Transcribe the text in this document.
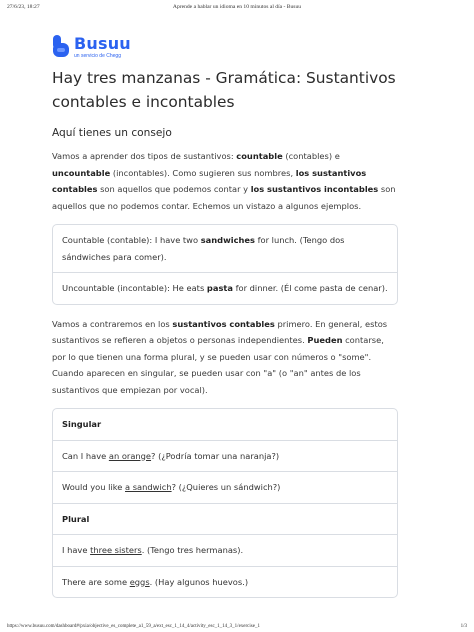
27/6/23, 18:27	Aprende a hablar un idioma en 10 minutos al día - Busuu
Busuu
un servicio de Chegg
Hay tres manzanas - Gramática: Sustantivos contables e incontables
Aquí tienes un consejo

Vamos a aprender dos tipos de sustantivos: countable (contables) e uncountable (incontables). Como sugieren sus nombres, los sustantivos contables son aquellos que podemos contar y los sustantivos incontables son aquellos que no podemos contar. Echemos un vistazo a algunos ejemplos.

Countable (contable): I have two sandwiches for lunch. (Tengo dos sándwiches para comer).
Uncountable (incontable): He eats pasta for dinner. (Él come pasta de cenar).

Vamos a contraremos en los sustantivos contables primero. En general, estos sustantivos se refieren a objetos o personas independientes. Pueden contarse, por lo que tienen una forma plural, y se pueden usar con números o "some". Cuando aparecen en singular, se pueden usar con "a" (o "an" antes de los sustantivos que empiezan por vocal).

Singular
Can I have an orange? (¿Podría tomar una naranja?)
Would you like a sandwich? (¿Quieres un sándwich?)
Plural
I have three sisters. (Tengo tres hermanas).
There are some eggs. (Hay algunos huevos.)
https://www.busuu.com/dashboard#/pxia/objective_es_complete_a1_59_a/ext_esc_1_14_4/activity_esc_1_14_3_1/exercise_1	1/3
